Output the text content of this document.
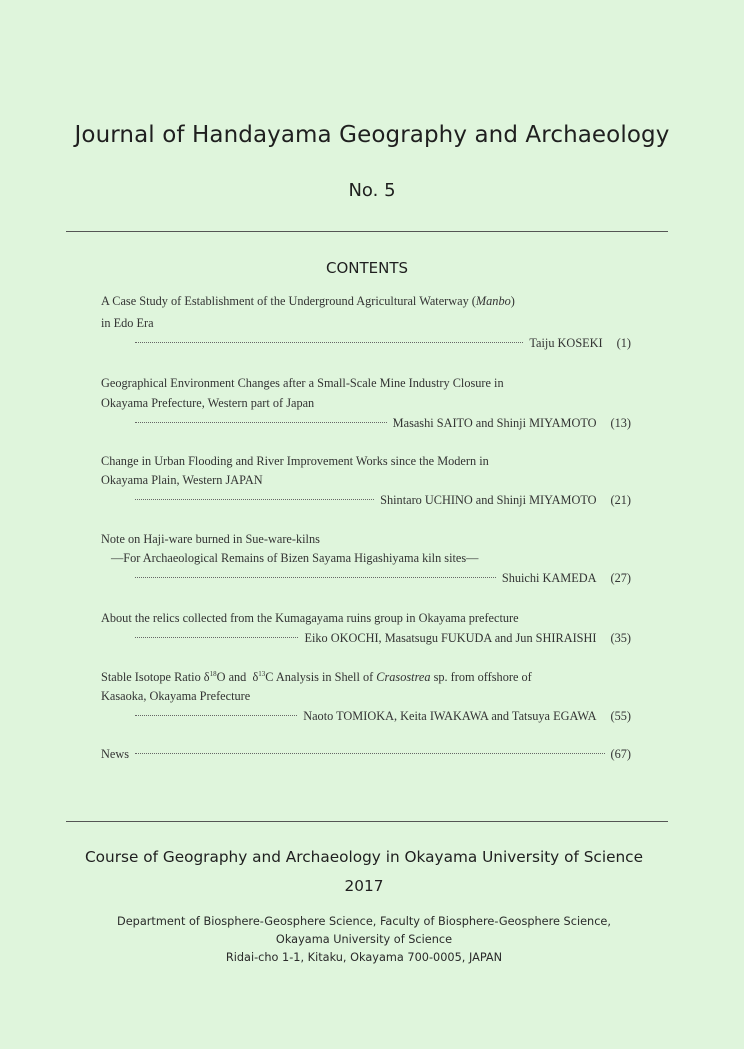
Journal of Handayama Geography and Archaeology
No. 5
CONTENTS
A Case Study of Establishment of the Underground Agricultural Waterway (Manbo)
in Edo Era
Taiju KOSEKI (1)
Geographical Environment Changes after a Small-Scale Mine Industry Closure in
Okayama Prefecture, Western part of Japan
Masashi SAITO and Shinji MIYAMOTO (13)
Change in Urban Flooding and River Improvement Works since the Modern in
Okayama Plain, Western JAPAN
Shintaro UCHINO and Shinji MIYAMOTO (21)
Note on Haji-ware burned in Sue-ware-kilns
—For Archaeological Remains of Bizen Sayama Higashiyama kiln sites—
Shuichi KAMEDA (27)
About the relics collected from the Kumagayama ruins group in Okayama prefecture
Eiko OKOCHI, Masatsugu FUKUDA and Jun SHIRAISHI (35)
Stable Isotope Ratio $\delta^{18}O$ and  $\delta^{13}C$ Analysis in Shell of Crasostrea sp. from offshore of
Kasaoka, Okayama Prefecture
Naoto TOMIOKA, Keita IWAKAWA and Tatsuya EGAWA (55)
News	(67)
Course of Geography and Archaeology in Okayama University of Science
2017
Department of Biosphere-Geosphere Science, Faculty of Biosphere-Geosphere Science,
Okayama University of Science
Ridai-cho 1-1, Kitaku, Okayama 700-0005, JAPAN
